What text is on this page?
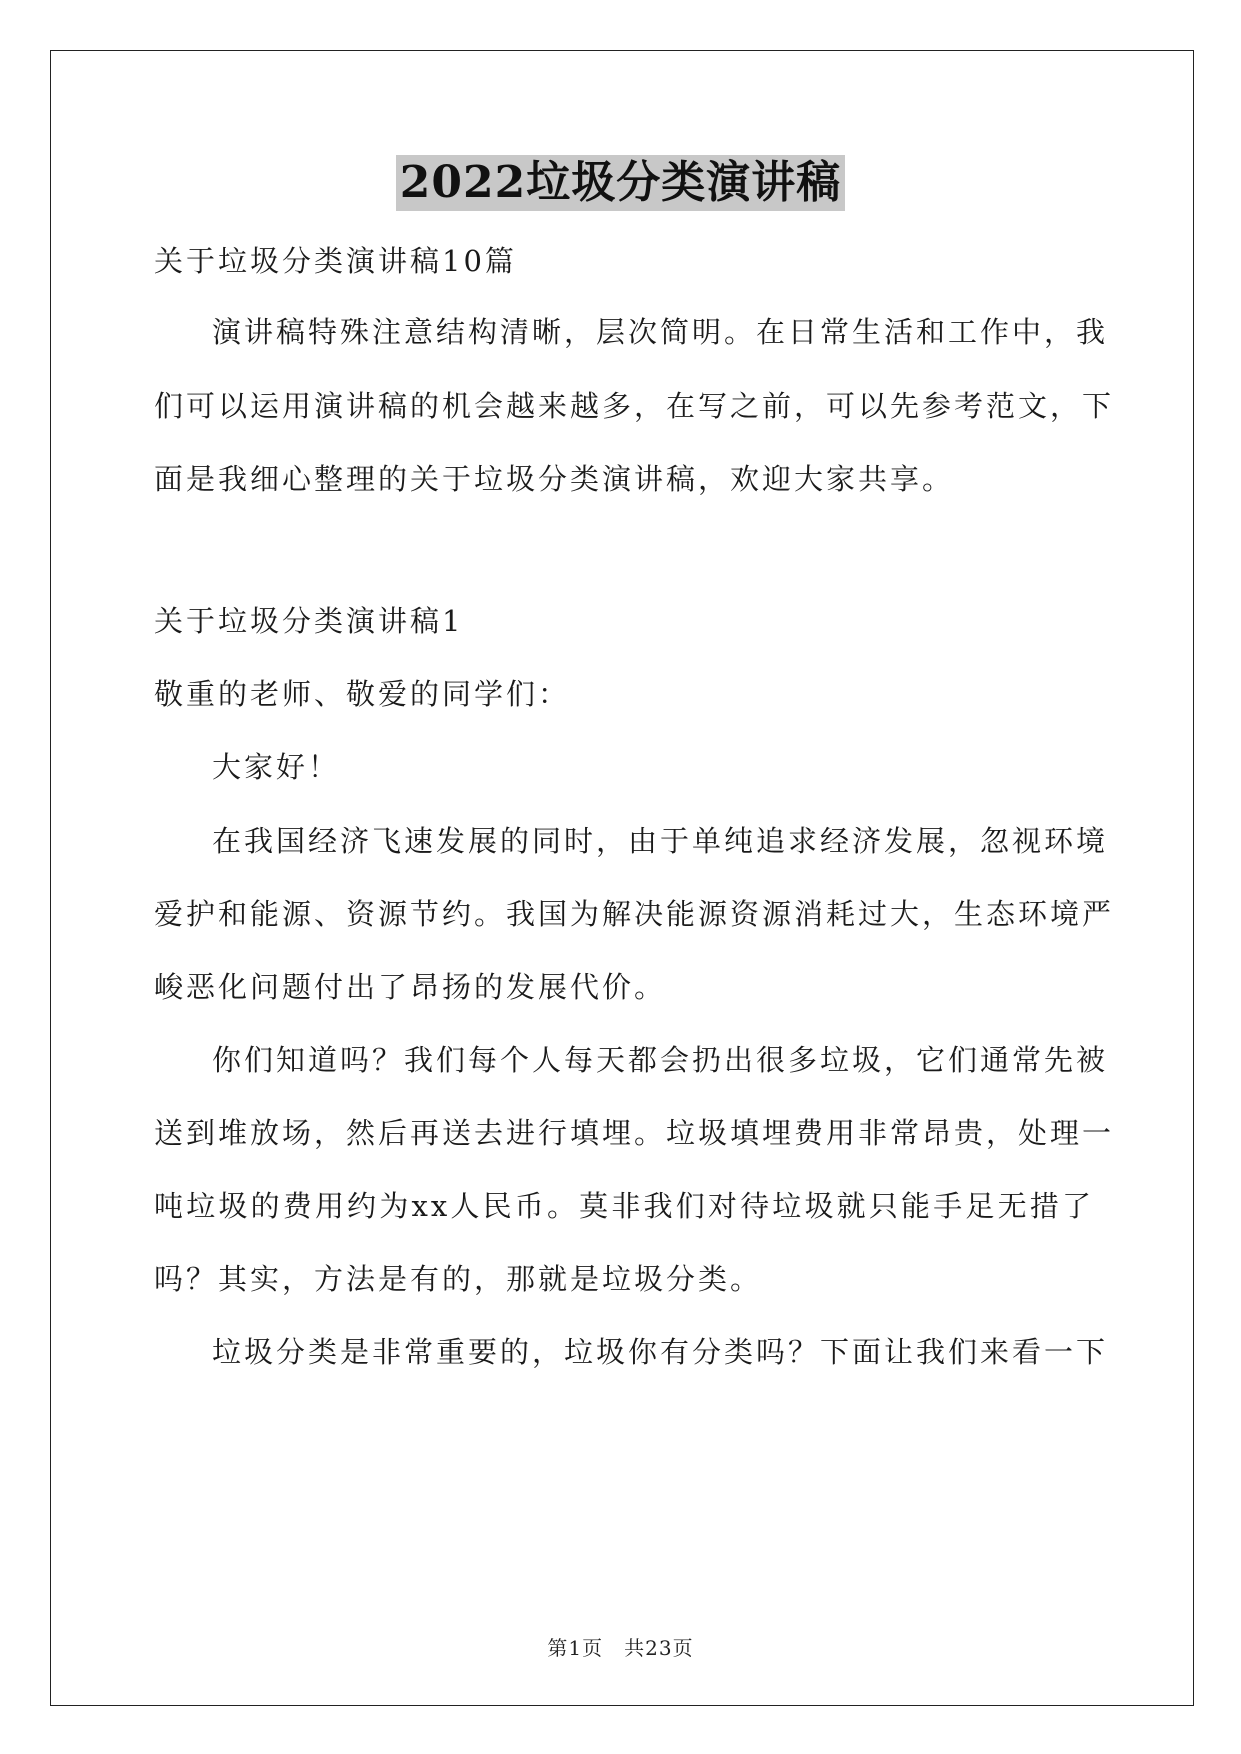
2022垃圾分类演讲稿
关于垃圾分类演讲稿10篇
演讲稿特殊注意结构清晰，层次简明。在日常生活和工作中，我
们可以运用演讲稿的机会越来越多，在写之前，可以先参考范文，下
面是我细心整理的关于垃圾分类演讲稿，欢迎大家共享。
关于垃圾分类演讲稿1
敬重的老师、敬爱的同学们：
大家好！
在我国经济飞速发展的同时，由于单纯追求经济发展，忽视环境
爱护和能源、资源节约。我国为解决能源资源消耗过大，生态环境严
峻恶化问题付出了昂扬的发展代价。
你们知道吗？我们每个人每天都会扔出很多垃圾，它们通常先被
送到堆放场，然后再送去进行填埋。垃圾填埋费用非常昂贵，处理一
吨垃圾的费用约为xx人民币。莫非我们对待垃圾就只能手足无措了
吗？其实，方法是有的，那就是垃圾分类。
垃圾分类是非常重要的，垃圾你有分类吗？下面让我们来看一下
第1页　共23页
